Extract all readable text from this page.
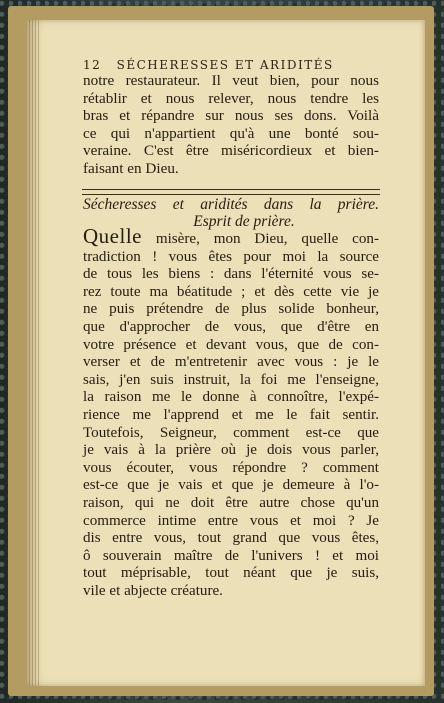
12 SÉCHERESSES ET ARIDITÉS

notre restaurateur. Il veut bien, pour nous
rétablir et nous relever, nous tendre les
bras et répandre sur nous ses dons. Voilà
ce qui n'appartient qu'à une bonté sou-
veraine. C'est être miséricordieux et bien-
faisant en Dieu.

Sécheresses et aridités dans la prière.
Esprit de prière.

Quelle misère, mon Dieu, quelle con-
tradiction ! vous êtes pour moi la source
de tous les biens : dans l'éternité vous se-
rez toute ma béatitude ; et dès cette vie je
ne puis prétendre de plus solide bonheur,
que d'approcher de vous, que d'être en
votre présence et devant vous, que de con-
verser et de m'entretenir avec vous : je le
sais, j'en suis instruit, la foi me l'enseigne,
la raison me le donne à connoître, l'expé-
rience me l'apprend et me le fait sentir.
Toutefois, Seigneur, comment est-ce que
je vais à la prière où je dois vous parler,
vous écouter, vous répondre ? comment
est-ce que je vais et que je demeure à l'o-
raison, qui ne doit être autre chose qu'un
commerce intime entre vous et moi ? Je
dis entre vous, tout grand que vous êtes,
ô souverain maître de l'univers ! et moi
tout méprisable, tout néant que je suis,
vile et abjecte créature.
